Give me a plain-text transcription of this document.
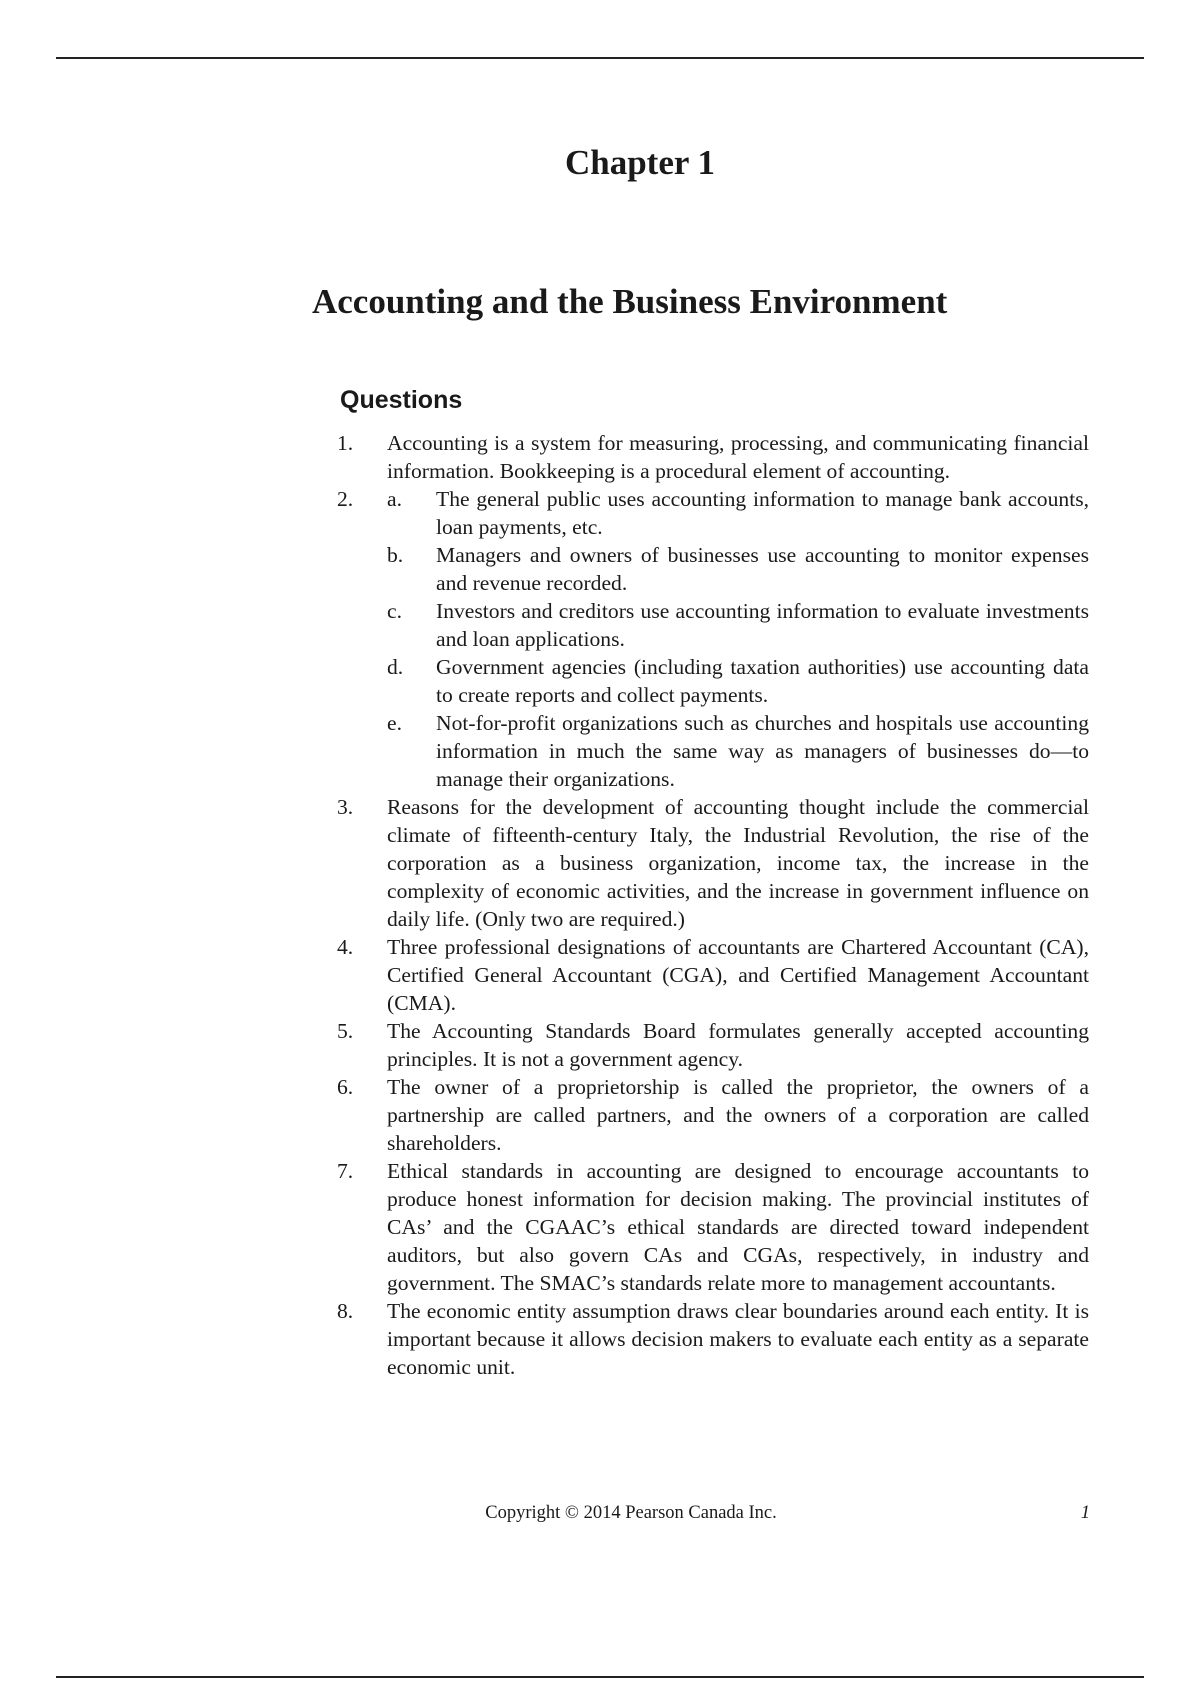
Chapter 1
Accounting and the Business Environment
Questions
1. Accounting is a system for measuring, processing, and communicating financial information. Bookkeeping is a procedural element of accounting.
2. a. The general public uses accounting information to manage bank accounts, loan payments, etc.
b. Managers and owners of businesses use accounting to monitor expenses and revenue recorded.
c. Investors and creditors use accounting information to evaluate investments and loan applications.
d. Government agencies (including taxation authorities) use accounting data to create reports and collect payments.
e. Not-for-profit organizations such as churches and hospitals use accounting information in much the same way as managers of businesses do—to manage their organizations.
3. Reasons for the development of accounting thought include the commercial climate of fifteenth-century Italy, the Industrial Revolution, the rise of the corporation as a business organization, income tax, the increase in the complexity of economic activities, and the increase in government influence on daily life. (Only two are required.)
4. Three professional designations of accountants are Chartered Accountant (CA), Certified General Accountant (CGA), and Certified Management Accountant (CMA).
5. The Accounting Standards Board formulates generally accepted accounting principles. It is not a government agency.
6. The owner of a proprietorship is called the proprietor, the owners of a partnership are called partners, and the owners of a corporation are called shareholders.
7. Ethical standards in accounting are designed to encourage accountants to produce honest information for decision making. The provincial institutes of CAs’ and the CGAAC’s ethical standards are directed toward independent auditors, but also govern CAs and CGAs, respectively, in industry and government. The SMAC’s standards relate more to management accountants.
8. The economic entity assumption draws clear boundaries around each entity. It is important because it allows decision makers to evaluate each entity as a separate economic unit.
Copyright © 2014 Pearson Canada Inc.	1
